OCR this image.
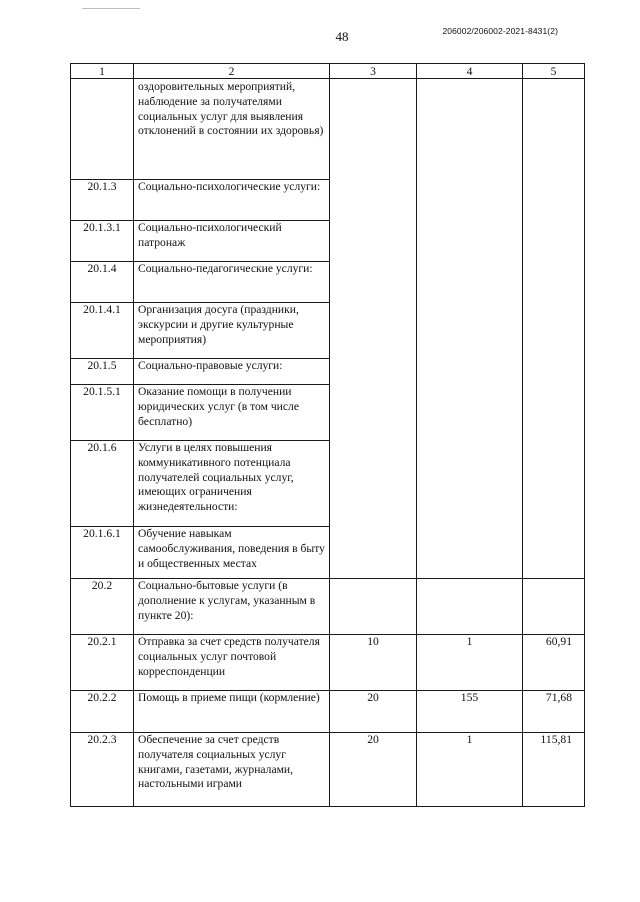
48	206002/206002-2021-8431(2)
1	2	3	4	5
	оздоровительных мероприятий, наблюдение за получателями социальных услуг для выявления отклонений в состоянии их здоровья)			
20.1.3	Социально-психологические услуги:			
20.1.3.1	Социально-психологический патронаж			
20.1.4	Социально-педагогические услуги:			
20.1.4.1	Организация досуга (праздники, экскурсии и другие культурные мероприятия)			
20.1.5	Социально-правовые услуги:			
20.1.5.1	Оказание помощи в получении юридических услуг (в том числе бесплатно)			
20.1.6	Услуги в целях повышения коммуникативного потенциала получателей социальных услуг, имеющих ограничения жизнедеятельности:			
20.1.6.1	Обучение навыкам самообслуживания, поведения в быту и общественных местах			
20.2	Социально-бытовые услуги (в дополнение к услугам, указанным в пункте 20):			
20.2.1	Отправка за счет средств получателя социальных услуг почтовой корреспонденции	10	1	60,91
20.2.2	Помощь в приеме пищи (кормление)	20	155	71,68
20.2.3	Обеспечение за счет средств получателя социальных услуг книгами, газетами, журналами, настольными играми	20	1	115,81
